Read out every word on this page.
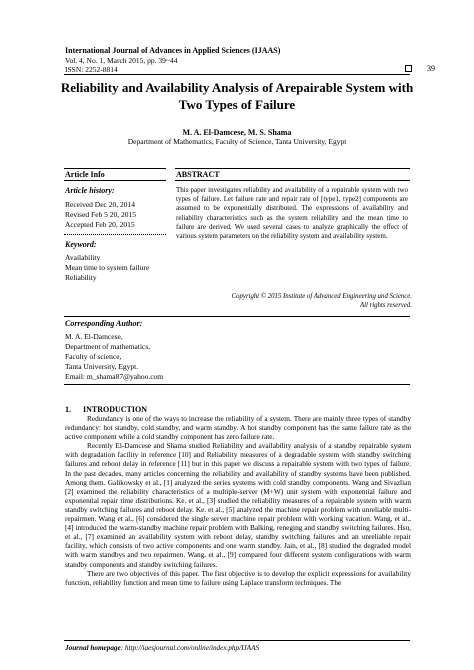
International Journal of Advances in Applied Sciences (IJAAS)
Vol. 4, No. 1, March 2015, pp. 39~44
ISSN: 2252-8814	39
Reliability and Availability Analysis of Arepairable System with
Two Types of Failure
M. A. El-Damcese, M. S. Shama
Department of Mathematics, Faculty of Science, Tanta University, Egypt
Article Info
Article history:
Received Dec 20, 2014
Revised Feb 5 20, 2015
Accepted Feb 20, 2015
Keyword:
Availability
Mean time to system failure
Reliability
ABSTRACT
This paper investigates reliability and availability of a repairable system with two types of failure. Let failure rate and repair rate of [type1, type2] components are assumed to be exponentially distributed. The expressions of availability and reliability characteristics such as the system reliability and the mean time to failure are derived. We used several cases to analyze graphically the effect of various system parameters on the reliability system and availability system.
Copyright © 2015 Institute of Advanced Engineering and Science.
All rights reserved.
Corresponding Author:
M. A. El-Damcese,
Department of mathematics,
Faculty of science,
Tanta University, Egypt.
Email: m_shama87@yahoo.com
1.      INTRODUCTION

Redundancy is one of the ways to increase the reliability of a system. There are mainly three types of standby redundancy: hot standby, cold standby, and warm standby. A hot standby component has the same failure rate as the active component while a cold standby component has zero failure rate.

Recently El-Damcese and Shama studied Reliability and availability analysis of a standby repairable system with degradation facility in reference [10] and Reliability measures of a degradable system with standby switching failures and reboot delay in reference [11] but in this paper we discuss a repairable system with two types of failure. In the past decades, many articles concerning the reliability and availability of standby systems have been published. Among them. Galikowsky et al., [1] analyzed the series systems with cold standby components. Wang and Sivazlian [2] examined the reliability characteristics of a multiple-server (M+W) unit system with exponential failure and exponential repair time distributions. Ke. et al., [3] studied the reliability measures of a repairable system with warm standby switching failures and reboot delay. Ke. et al., [5] analyzed the machine repair problem with unreliable multi-repairmen. Wang et al., [6] considered the single server machine repair problem with working vacation. Wang, et al., [4] introduced the warm-standby machine repair problem with Balking, reneging and standby switching failures. Hsu, et al., [7] examined an availability system with reboot delay, standby switching failures and an unreliable repair facility, which consists of two active components and one warm standby. Jain, et al., [8] studied the degraded model with warm standbys and two repairmen. Wang, et al., [9] compared four different system configurations with warm standby components and standby switching failures.

There are two objectives of this paper. The first objective is to develop the explicit expressions for availability function, reliability function and mean time to failure using Laplace transform techniques. The

Journal homepage: http://iaesjournal.com/online/index.php/IJAAS
